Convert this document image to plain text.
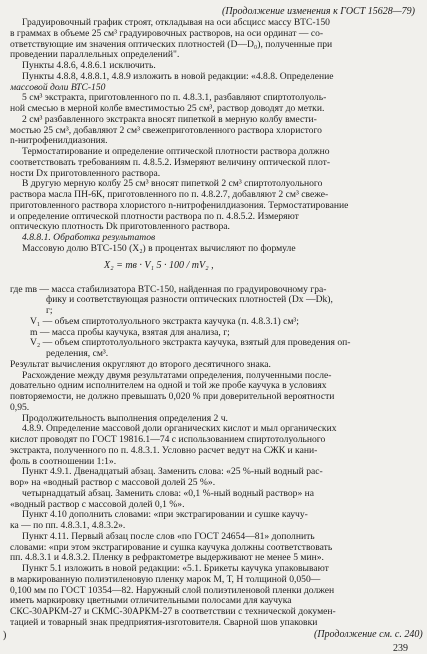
(Продолжение изменения к ГОСТ 15628—79)
Градуировочный график строят, откладывая на оси абсцисс массу ВТС-150
в граммах в объеме 25 см³ градуировочных растворов, на оси ординат — со-
ответствующие им значения оптических плотностей (D—D₀), полученные при
проведении параллельных определений".
Пункты 4.8.6, 4.8.6.1 исключить.
Пункты 4.8.8, 4.8.8.1, 4.8.9 изложить в новой редакции: «4.8.8. Определение
массовой доли ВТС-150
5 см³ экстракта, приготовленного по п. 4.8.3.1, разбавляют спиртотолуоль-
ной смесью в мерной колбе вместимостью 25 см³, раствор доводят до метки.
2 см³ разбавленного экстракта вносят пипеткой в мерную колбу вмести-
мостью 25 см³, добавляют 2 см³ свежеприготовленного раствора хлористого
n-нитрофенилдиазония.
Термостатирование и определение оптической плотности раствора должно
соответствовать требованиям п. 4.8.5.2. Измеряют величину оптической плот-
ности Dx приготовленного раствора.
В другую мерную колбу 25 см³ вносят пипеткой 2 см³ спиртотолуольного
раствора масла ПН-6К, приготовленного по п. 4.8.2.7, добавляют 2 см³ свеже-
приготовленного раствора хлористого n-нитрофенилдиазония. Термостатирование
и определение оптической плотности раствора по п. 4.8.5.2. Измеряют
оптическую плотность Dk приготовленного раствора.
4.8.8.1. Обработка результатов
Массовую долю ВТС-150 (X₂) в процентах вычисляют по формуле
X₂ = mв · V₁ 5 · 100 / mV₂ ,
где mв — масса стабилизатора ВТС-150, найденная по градуировочному гра-
фику и соответствующая разности оптических плотностей (Dx —Dk),
г;
V₁ — объем спиртотолуольного экстракта каучука (п. 4.8.3.1) см³;
m — масса пробы каучука, взятая для анализа, г;
V₂ — объем спиртотолуольного экстракта каучука, взятый для проведения оп-
ределения, см³.
Результат вычисления округляют до второго десятичного знака.
Расхождение между двумя результатами определения, полученными после-
довательно одним исполнителем на одной и той же пробе каучука в условиях
повторяемости, не должно превышать 0,020 % при доверительной вероятности
0,95.
Продолжительность выполнения определения 2 ч.
4.8.9. Определение массовой доли органических кислот и мыл органических
кислот проводят по ГОСТ 19816.1—74 с использованием спиртотолуольного
экстракта, полученного по п. 4.8.3.1. Условно расчет ведут на СЖК и кани-
фоль в соотношении 1:1».
Пункт 4.9.1. Двенадцатый абзац. Заменить слова: «25 %-ный водный рас-
вор» на «водный раствор с массовой долей 25 %».
четырнадцатый абзац. Заменить слова: «0,1 %-ный водный раствор» на
«водный раствор с массовой долей 0,1 %».
Пункт 4.10 дополнить словами: «при экстрагировании и сушке каучу-
ка — по пп. 4.8.3.1, 4.8.3.2».
Пункт 4.11. Первый абзац после слов «по ГОСТ 24654—81» дополнить
словами: «при этом экстрагирование и сушка каучука должны соответствовать
пп. 4.8.3.1 и 4.8.3.2. Пленку в рефрактометре выдерживают не менее 5 мин».
Пункт 5.1 изложить в новой редакции: «5.1. Брикеты каучука упаковывают
в маркированную полиэтиленовую пленку марок М, Т, Н толщиной 0,050—
0,100 мм по ГОСТ 10354—82. Наружный слой полиэтиленовой пленки должен
иметь маркировку цветными отличительными полосами для каучука
СКС-30АРКМ-27 и СКМС-30АРКМ-27 в соответствии с технической докумен-
тацией и товарный знак предприятия-изготовителя. Сварной шов упаковки
(Продолжение см. с. 240)
239
)
